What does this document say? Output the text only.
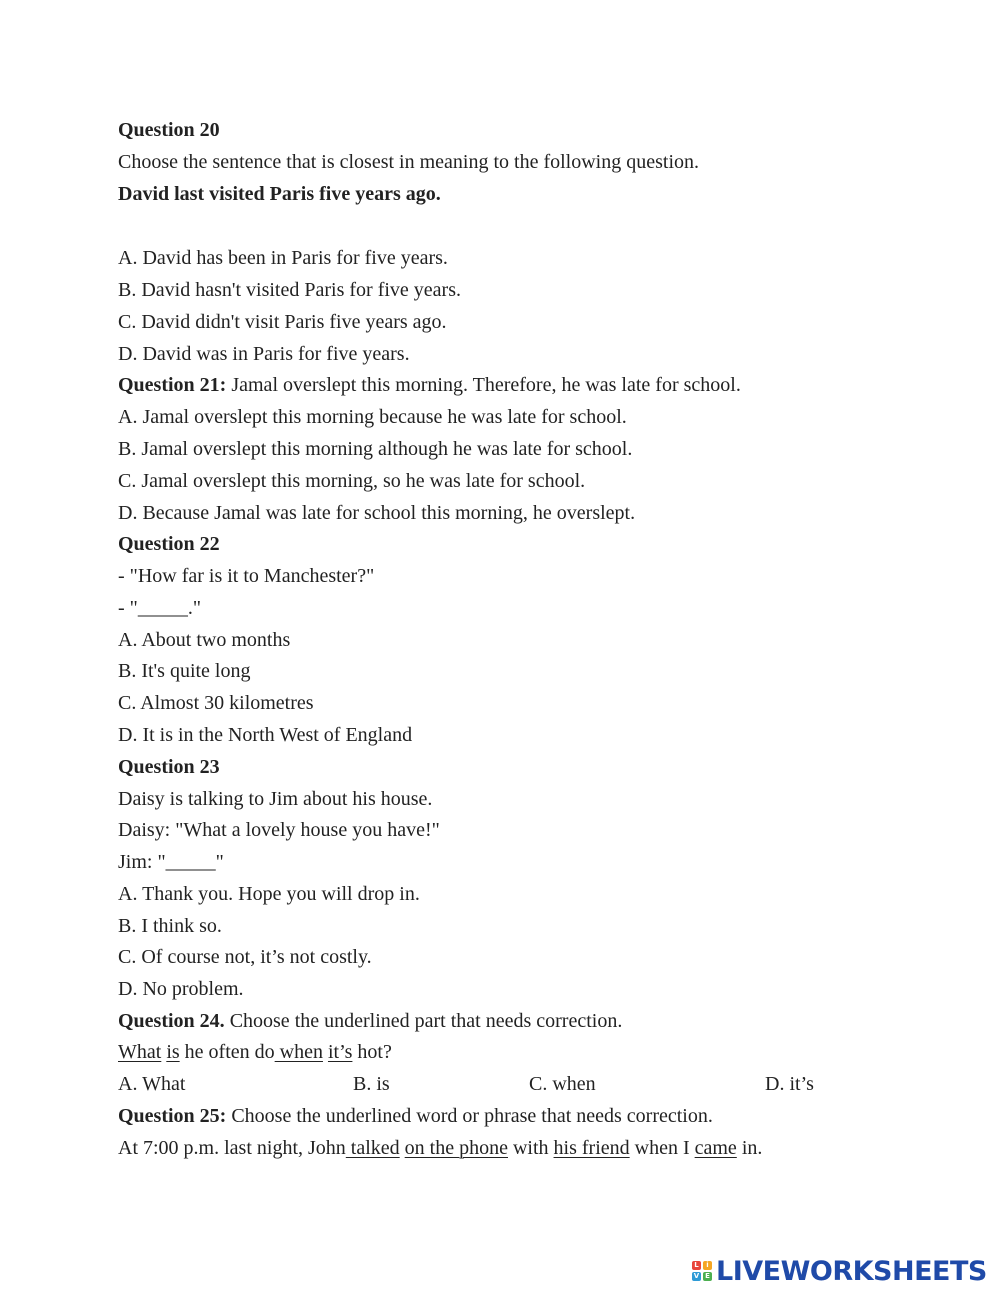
Question 20
Choose the sentence that is closest in meaning to the following question.
David last visited Paris five years ago.
A. David has been in Paris for five years.
B. David hasn't visited Paris for five years.
C. David didn't visit Paris five years ago.
D. David was in Paris for five years.
Question 21: Jamal overslept this morning. Therefore, he was late for school.
A. Jamal overslept this morning because he was late for school.
B. Jamal overslept this morning although he was late for school.
C. Jamal overslept this morning, so he was late for school.
D. Because Jamal was late for school this morning, he overslept.
Question 22
- "How far is it to Manchester?"
- "_____."
A. About two months
B. It's quite long
C. Almost 30 kilometres
D. It is in the North West of England
Question 23
Daisy is talking to Jim about his house.
Daisy: "What a lovely house you have!"
Jim: "_____"
A. Thank you. Hope you will drop in.
B. I think so.
C. Of course not, it’s not costly.
D. No problem.
Question 24. Choose the underlined part that needs correction.
What is he often do when it’s hot?
A. What	B. is	C. when	D. it’s
Question 25: Choose the underlined word or phrase that needs correction.
At 7:00 p.m. last night, John talked on the phone with his friend when I came in.
L	i
V E LIVEWORKSHEETS
